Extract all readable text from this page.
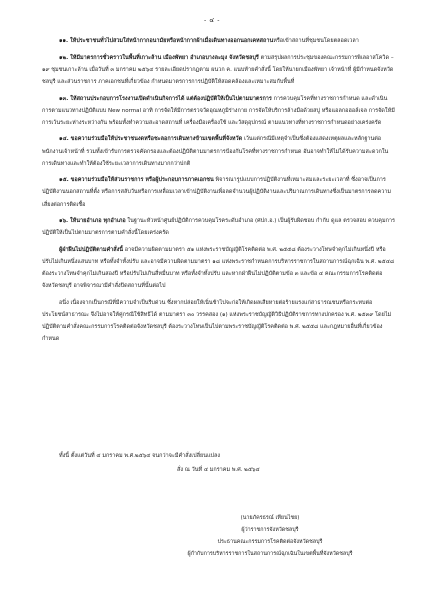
- ๔ -

๑๑. ให้ประชาชนทั่วไปสวมใส่หน้ากากอนามัยหรือหน้ากากผ้าเมื่อเดินทางออกนอกเคหสถานหรือเข้าสถานที่ชุมชนโดยตลอดเวลา

๑๒. ให้มีมาตรการชั่วคราวในพื้นที่เกาะล้าน เมืองพัทยา อำเภอบางละมุง จังหวัดชลบุรี ตามสรุปผลการประชุมของคณะกรรมการพิเลอาสโควิด – ๑๙ ชุมชนเกาะล้าน เมื่อวันที่ ๓ มกราคม ๒๕๖๔ รายละเอียดปรากฏตาม ผนวก ค. แนบท้ายคำสั่งนี้ โดยให้นายกเมืองพัทยา เจ้าหน้าที่ ผู้มีกำหนดจังหวัดชลบุรี และส่วนราชการ ภาคเอกชนที่เกี่ยวข้อง กำหนดมาตรการการปฏิบัติให้สอดคล้องและเหมาะสมกับพื้นที่

๑๓. ให้สถานประกอบการโรงงานเปิดดำเนินกิจการได้ แต่ต้องปฏิบัติให้เป็นไปตามมาตรการ การควบคุมโรคที่ทางราชการกำหนด และดำเนินการตามแนวทางปฏิบัติแบบ New normal อาทิ การจัดให้มีการตรวจวัดอุณหภูมิร่างกาย การจัดให้บริการล้างมือด้วยสบู่ หรือแอลกอฮอล์เจล การจัดให้มีการเว้นระยะห่างระหว่างกัน พร้อมทั้งทำความสะอาดสถานที่ เครื่องมือเครื่องใช้ และวัสดุอุปกรณ์ ตามแนวทางที่ทางราชการกำหนดอย่างเคร่งครัด

๑๔. ขอความร่วมมือให้ประชาชนงดหรือชะลอการเดินทางข้ามเขตพื้นที่จังหวัด เว้นแต่กรณีมีเหตุจำเป็นซึ่งต้องแสดงเหตุผลและหลักฐานต่อพนักงานเจ้าหน้าที่ รวมทั้งเข้ารับการตรวจคัดกรองและต้องปฏิบัติตามมาตรการป้องกันโรคที่ทางราชการกำหนด อันอาจทำให้ไม่ได้รับความสะดวกในการเดินทางและทำให้ต้องใช้ระยะเวลาการเดินทางมากกว่าปกติ

๑๕. ขอความร่วมมือให้ส่วนราชการ หรือผู้ประกอบการภาคเอกชน พิจารณารูปแบบการปฏิบัติงานที่เหมาะสมและระยะเวลาที่ ซึ่งอาจเป็นการปฏิบัติงานนอกสถานที่ตั้ง หรือการสลับวันหรือการเหลื่อมเวลาเข้าปฏิบัติงานเพื่อลดจำนวนผู้ปฏิบัติงานและปริมาณการเดินทางซึ่งเป็นมาตรการลดความเสี่ยงต่อการติดเชื้อ

๑๖. ให้นายอำเภอ ทุกอำเภอ ในฐานะหัวหน้าศูนย์ปฏิบัติการควบคุมโรคระดับอำเภอ (ศปก.อ.) เป็นผู้รับผิดชอบ กำกับ ดูแล ตรวจสอบ ควบคุมการปฏิบัติให้เป็นไปตามมาตรการตามคำสั่งนี้โดยเคร่งครัด

ผู้ฝ่าฝืนไม่ปฏิบัติตามคำสั่งนี้ อาจมีความผิดตามมาตรา ๕๑ แห่งพระราชบัญญัติโรคติดต่อ พ.ศ. ๒๕๕๘ ต้องระวางโทษจำคุกไม่เกินหนึ่งปี หรือปรับไม่เกินหนึ่งแสนบาท หรือทั้งจำทั้งปรับ และอาจมีความผิดตามมาตรา ๑๘ แห่งพระราชกำหนดการบริหารราชการในสถานการณ์ฉุกเฉิน พ.ศ. ๒๕๔๘ ต้องระวางโทษจำคุกไม่เกินสองปี หรือปรับไม่เกินสี่หมื่นบาท หรือทั้งจำทั้งปรับ และหากฝ่าฝืนไม่ปฏิบัติตามข้อ ๓ และข้อ ๔ คณะกรรมการโรคติดต่อจังหวัดชลบุรี อาจพิจารณามีคำสั่งปิดสถานที่นั้นต่อไป

อนึ่ง เนื่องจากเป็นกรณีที่มีความจำเป็นรีบด่วน ซึ่งหากปล่อยให้เนิ่นช้าไปจะก่อให้เกิดผลเสียหายต่อร้ายแรงแก่สาธารณชนหรือกระทบต่อประโยชน์สาธารณะ จึงไม่อาจให้คู่กรณีใช้สิทธิได้ ตามมาตรา ๓๐ วรรคสอง (๑) แห่งพระราชบัญญัติวิธีปฏิบัติราชการทางปกครอง พ.ศ. ๒๕๓๙ โดยไม่ปฏิบัติตามคำสั่งคณะกรรมการโรคติดต่อจังหวัดชลบุรี ต้องระวางโทษเป็นไปตามพระราชบัญญัติโรคติดต่อ พ.ศ. ๒๕๕๘ และกฎหมายอื่นที่เกี่ยวข้องกำหนด

ทั้งนี้ ตั้งแต่วันที่ ๔ มกราคม พ.ศ.๒๕๖๔ จนกว่าจะมีคำสั่งเปลี่ยนแปลง
สั่ง ณ วันที่ ๔ มกราคม พ.ศ. ๒๕๖๔
(นายภัครธรณ์ เทียนไชย)
ผู้ว่าราชการจังหวัดชลบุรี
ประธานคณะกรรมการโรคติดต่อจังหวัดชลบุรี
ผู้กำกับการบริหารราชการในสถานการณ์ฉุกเฉินในเขตพื้นที่จังหวัดชลบุรี
